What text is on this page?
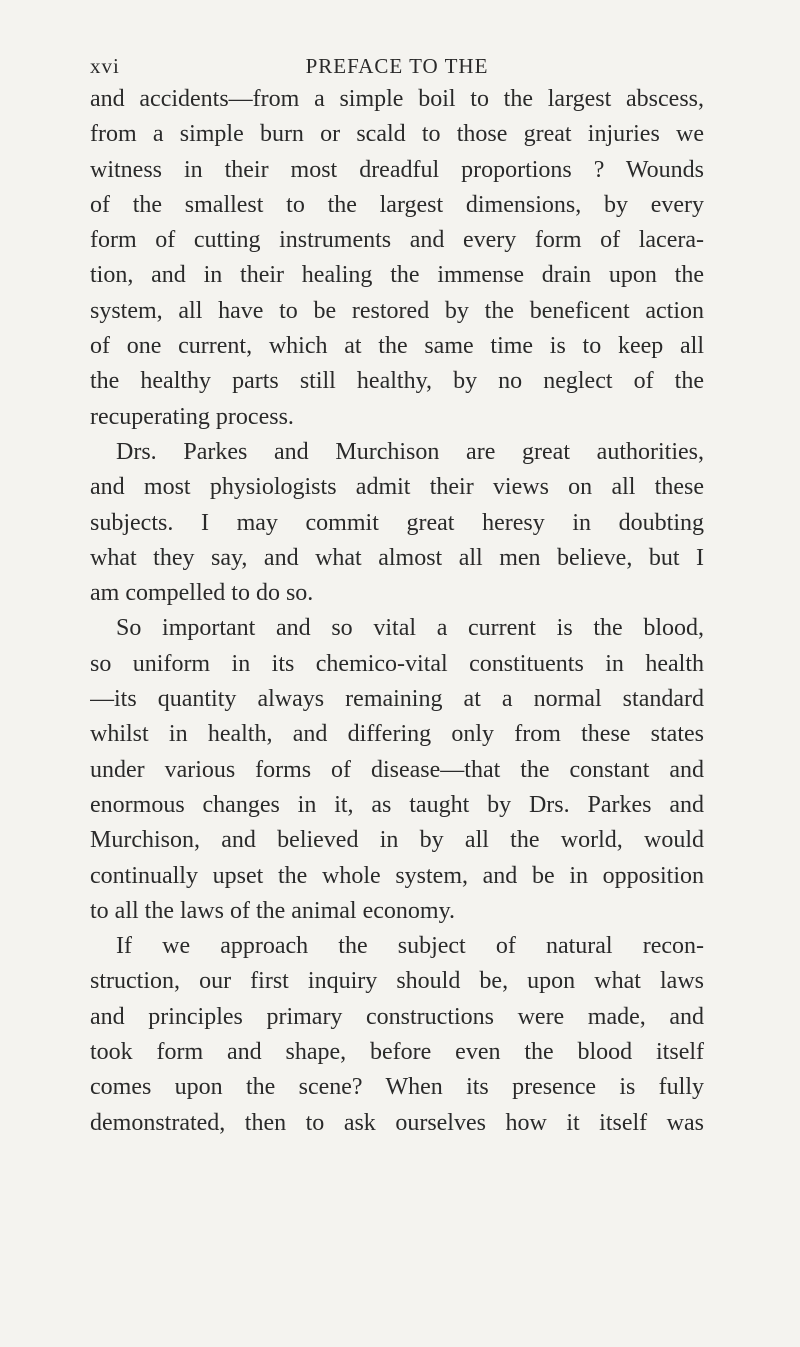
xvi	PREFACE TO THE
and accidents—from a simple boil to the largest abscess,
from a simple burn or scald to those great injuries we
witness in their most dreadful proportions ? Wounds
of the smallest to the largest dimensions, by every
form of cutting instruments and every form of lacera-
tion, and in their healing the immense drain upon the
system, all have to be restored by the beneficent action
of one current, which at the same time is to keep all
the healthy parts still healthy, by no neglect of the
recuperating process.
Drs. Parkes and Murchison are great authorities,
and most physiologists admit their views on all these
subjects. I may commit great heresy in doubting
what they say, and what almost all men believe, but I
am compelled to do so.
So important and so vital a current is the blood,
so uniform in its chemico-vital constituents in health
—its quantity always remaining at a normal standard
whilst in health, and differing only from these states
under various forms of disease—that the constant and
enormous changes in it, as taught by Drs. Parkes and
Murchison, and believed in by all the world, would
continually upset the whole system, and be in opposition
to all the laws of the animal economy.
If we approach the subject of natural recon-
struction, our first inquiry should be, upon what laws
and principles primary constructions were made, and
took form and shape, before even the blood itself
comes upon the scene? When its presence is fully
demonstrated, then to ask ourselves how it itself was
